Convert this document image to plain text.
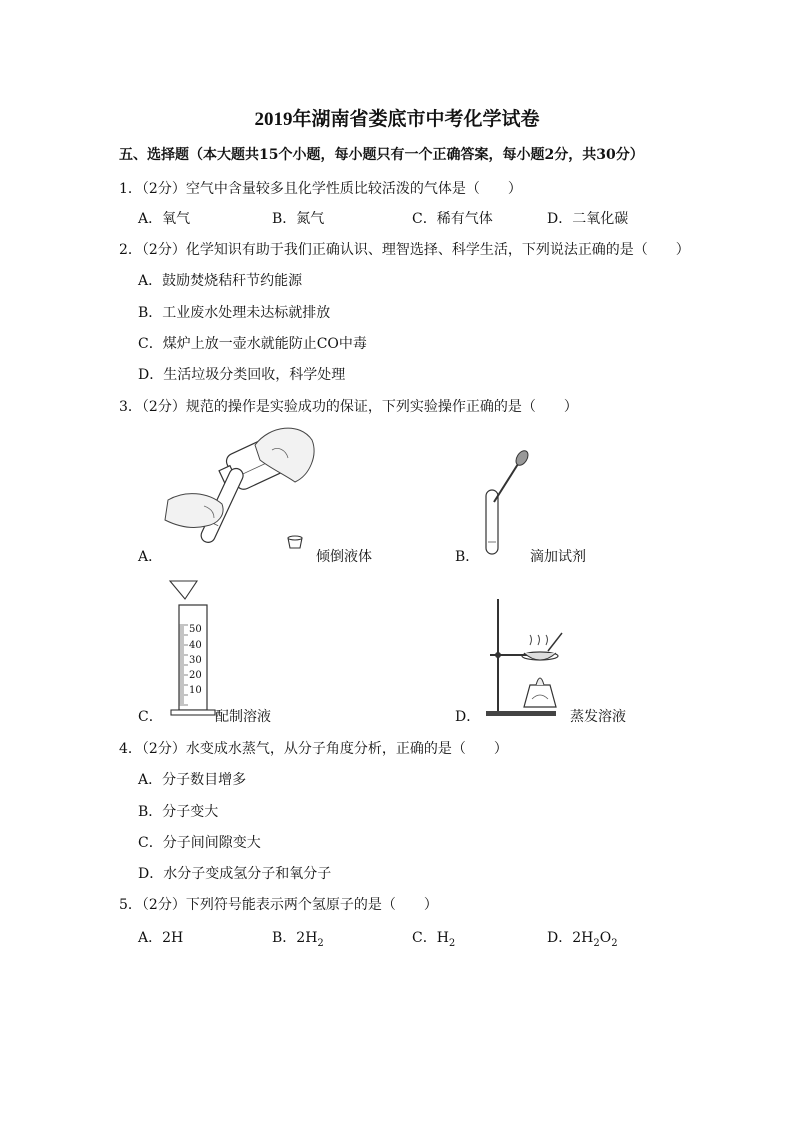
2019年湖南省娄底市中考化学试卷
五、选择题（本大题共15个小题，每小题只有一个正确答案，每小题2分，共30分）
1．（2分）空气中含量较多且化学性质比较活泼的气体是（　　）
A．氧气	B．氮气	C．稀有气体	D．二氧化碳
2．（2分）化学知识有助于我们正确认识、理智选择、科学生活，下列说法正确的是（　　）
A．鼓励焚烧秸秆节约能源
B．工业废水处理未达标就排放
C．煤炉上放一壶水就能防止CO中毒
D．生活垃圾分类回收，科学处理
3．（2分）规范的操作是实验成功的保证，下列实验操作正确的是（　　）
A．	倾倒液体	B．	滴加试剂
50
40
30
20
10
C．	配制溶液	D．	蒸发溶液
4．（2分）水变成水蒸气，从分子角度分析，正确的是（　　）
A．分子数目增多
B．分子变大
C．分子间间隙变大
D．水分子变成氢分子和氧分子
5．（2分）下列符号能表示两个氢原子的是（　　）
A．2H	B．$2H_2$	C．$H_2$	D．$2H_2O_2$
